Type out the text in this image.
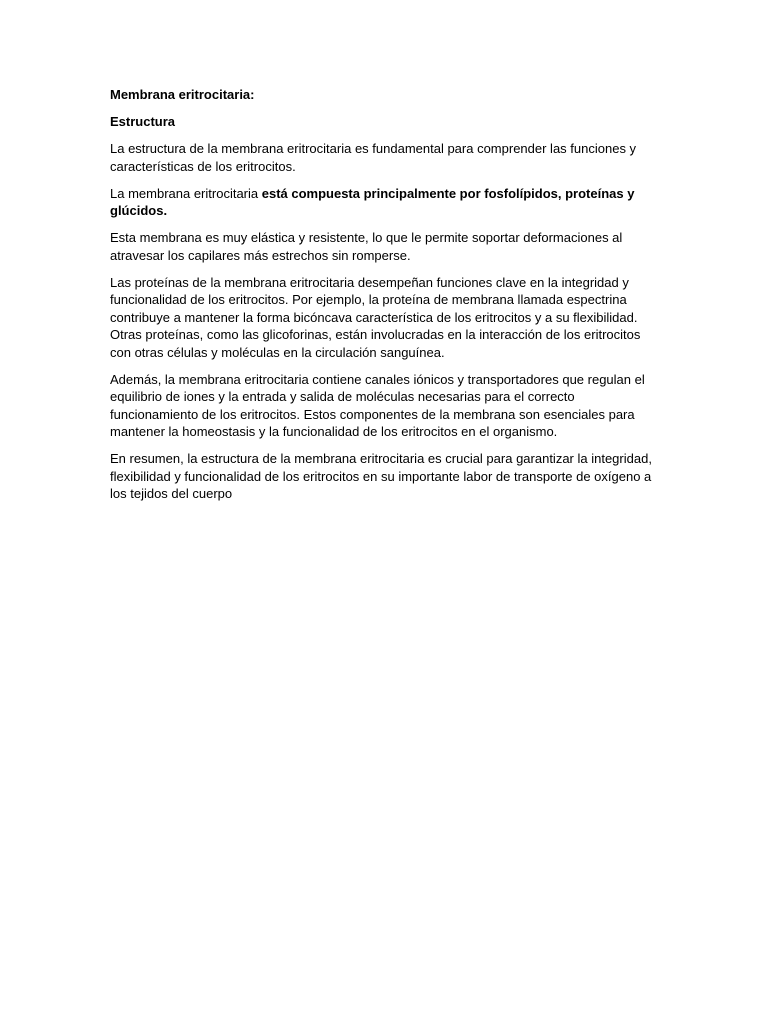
Membrana eritrocitaria:

Estructura

La estructura de la membrana eritrocitaria es fundamental para comprender las funciones y características de los eritrocitos.

La membrana eritrocitaria está compuesta principalmente por fosfolípidos, proteínas y glúcidos.

Esta membrana es muy elástica y resistente, lo que le permite soportar deformaciones al atravesar los capilares más estrechos sin romperse.

Las proteínas de la membrana eritrocitaria desempeñan funciones clave en la integridad y funcionalidad de los eritrocitos. Por ejemplo, la proteína de membrana llamada espectrina contribuye a mantener la forma bicóncava característica de los eritrocitos y a su flexibilidad. Otras proteínas, como las glicoforinas, están involucradas en la interacción de los eritrocitos con otras células y moléculas en la circulación sanguínea.

Además, la membrana eritrocitaria contiene canales iónicos y transportadores que regulan el equilibrio de iones y la entrada y salida de moléculas necesarias para el correcto funcionamiento de los eritrocitos. Estos componentes de la membrana son esenciales para mantener la homeostasis y la funcionalidad de los eritrocitos en el organismo.

En resumen, la estructura de la membrana eritrocitaria es crucial para garantizar la integridad, flexibilidad y funcionalidad de los eritrocitos en su importante labor de transporte de oxígeno a los tejidos del cuerpo
